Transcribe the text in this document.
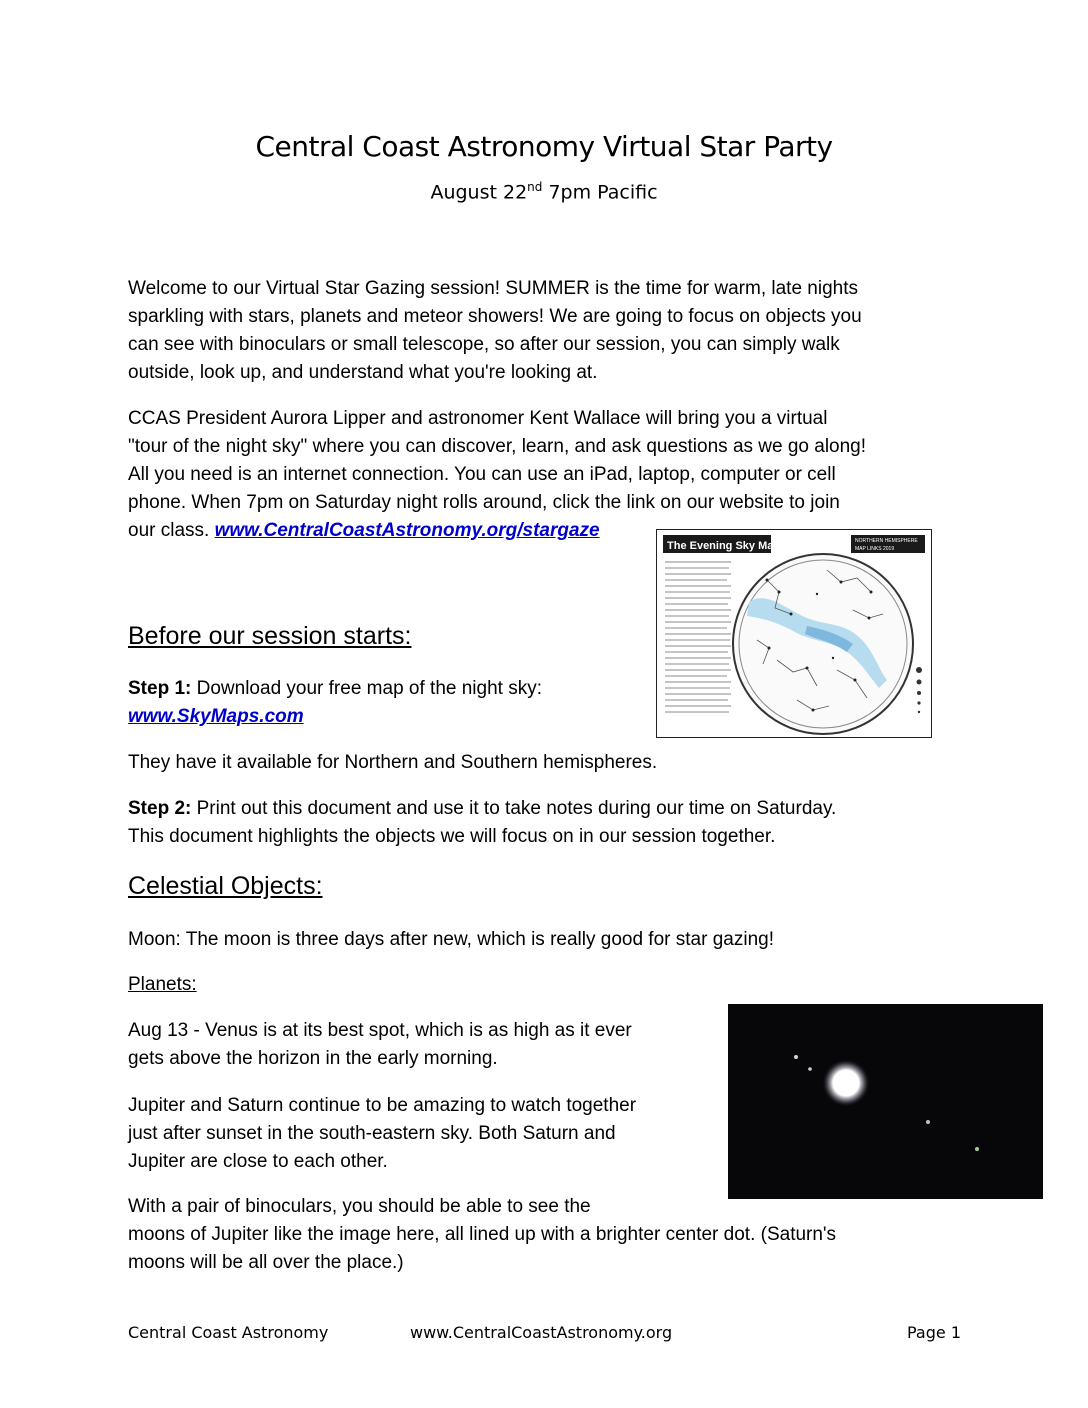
Central Coast Astronomy Virtual Star Party
August 22nd 7pm Pacific
Welcome to our Virtual Star Gazing session! SUMMER is the time for warm, late nights
sparkling with stars, planets and meteor showers! We are going to focus on objects you
can see with binoculars or small telescope, so after our session, you can simply walk
outside, look up, and understand what you're looking at.
CCAS President Aurora Lipper and astronomer Kent Wallace will bring you a virtual
"tour of the night sky" where you can discover, learn, and ask questions as we go along!
All you need is an internet connection. You can use an iPad, laptop, computer or cell
phone. When 7pm on Saturday night rolls around, click the link on our website to join
our class. www.CentralCoastAstronomy.org/stargaze
The Evening Sky Map	NORTHERN HEMISPHERE
MAP LINKS 2019
Before our session starts:
Step 1: Download your free map of the night sky:
www.SkyMaps.com
They have it available for Northern and Southern hemispheres.
Step 2: Print out this document and use it to take notes during our time on Saturday.
This document highlights the objects we will focus on in our session together.
Celestial Objects:
Moon: The moon is three days after new, which is really good for star gazing!
Planets:
Aug 13 - Venus is at its best spot, which is as high as it ever
gets above the horizon in the early morning.
Jupiter and Saturn continue to be amazing to watch together
just after sunset in the south-eastern sky. Both Saturn and
Jupiter are close to each other.
With a pair of binoculars, you should be able to see the
moons of Jupiter like the image here, all lined up with a brighter center dot. (Saturn's
moons will be all over the place.)
Central Coast Astronomy	www.CentralCoastAstronomy.org	Page 1
